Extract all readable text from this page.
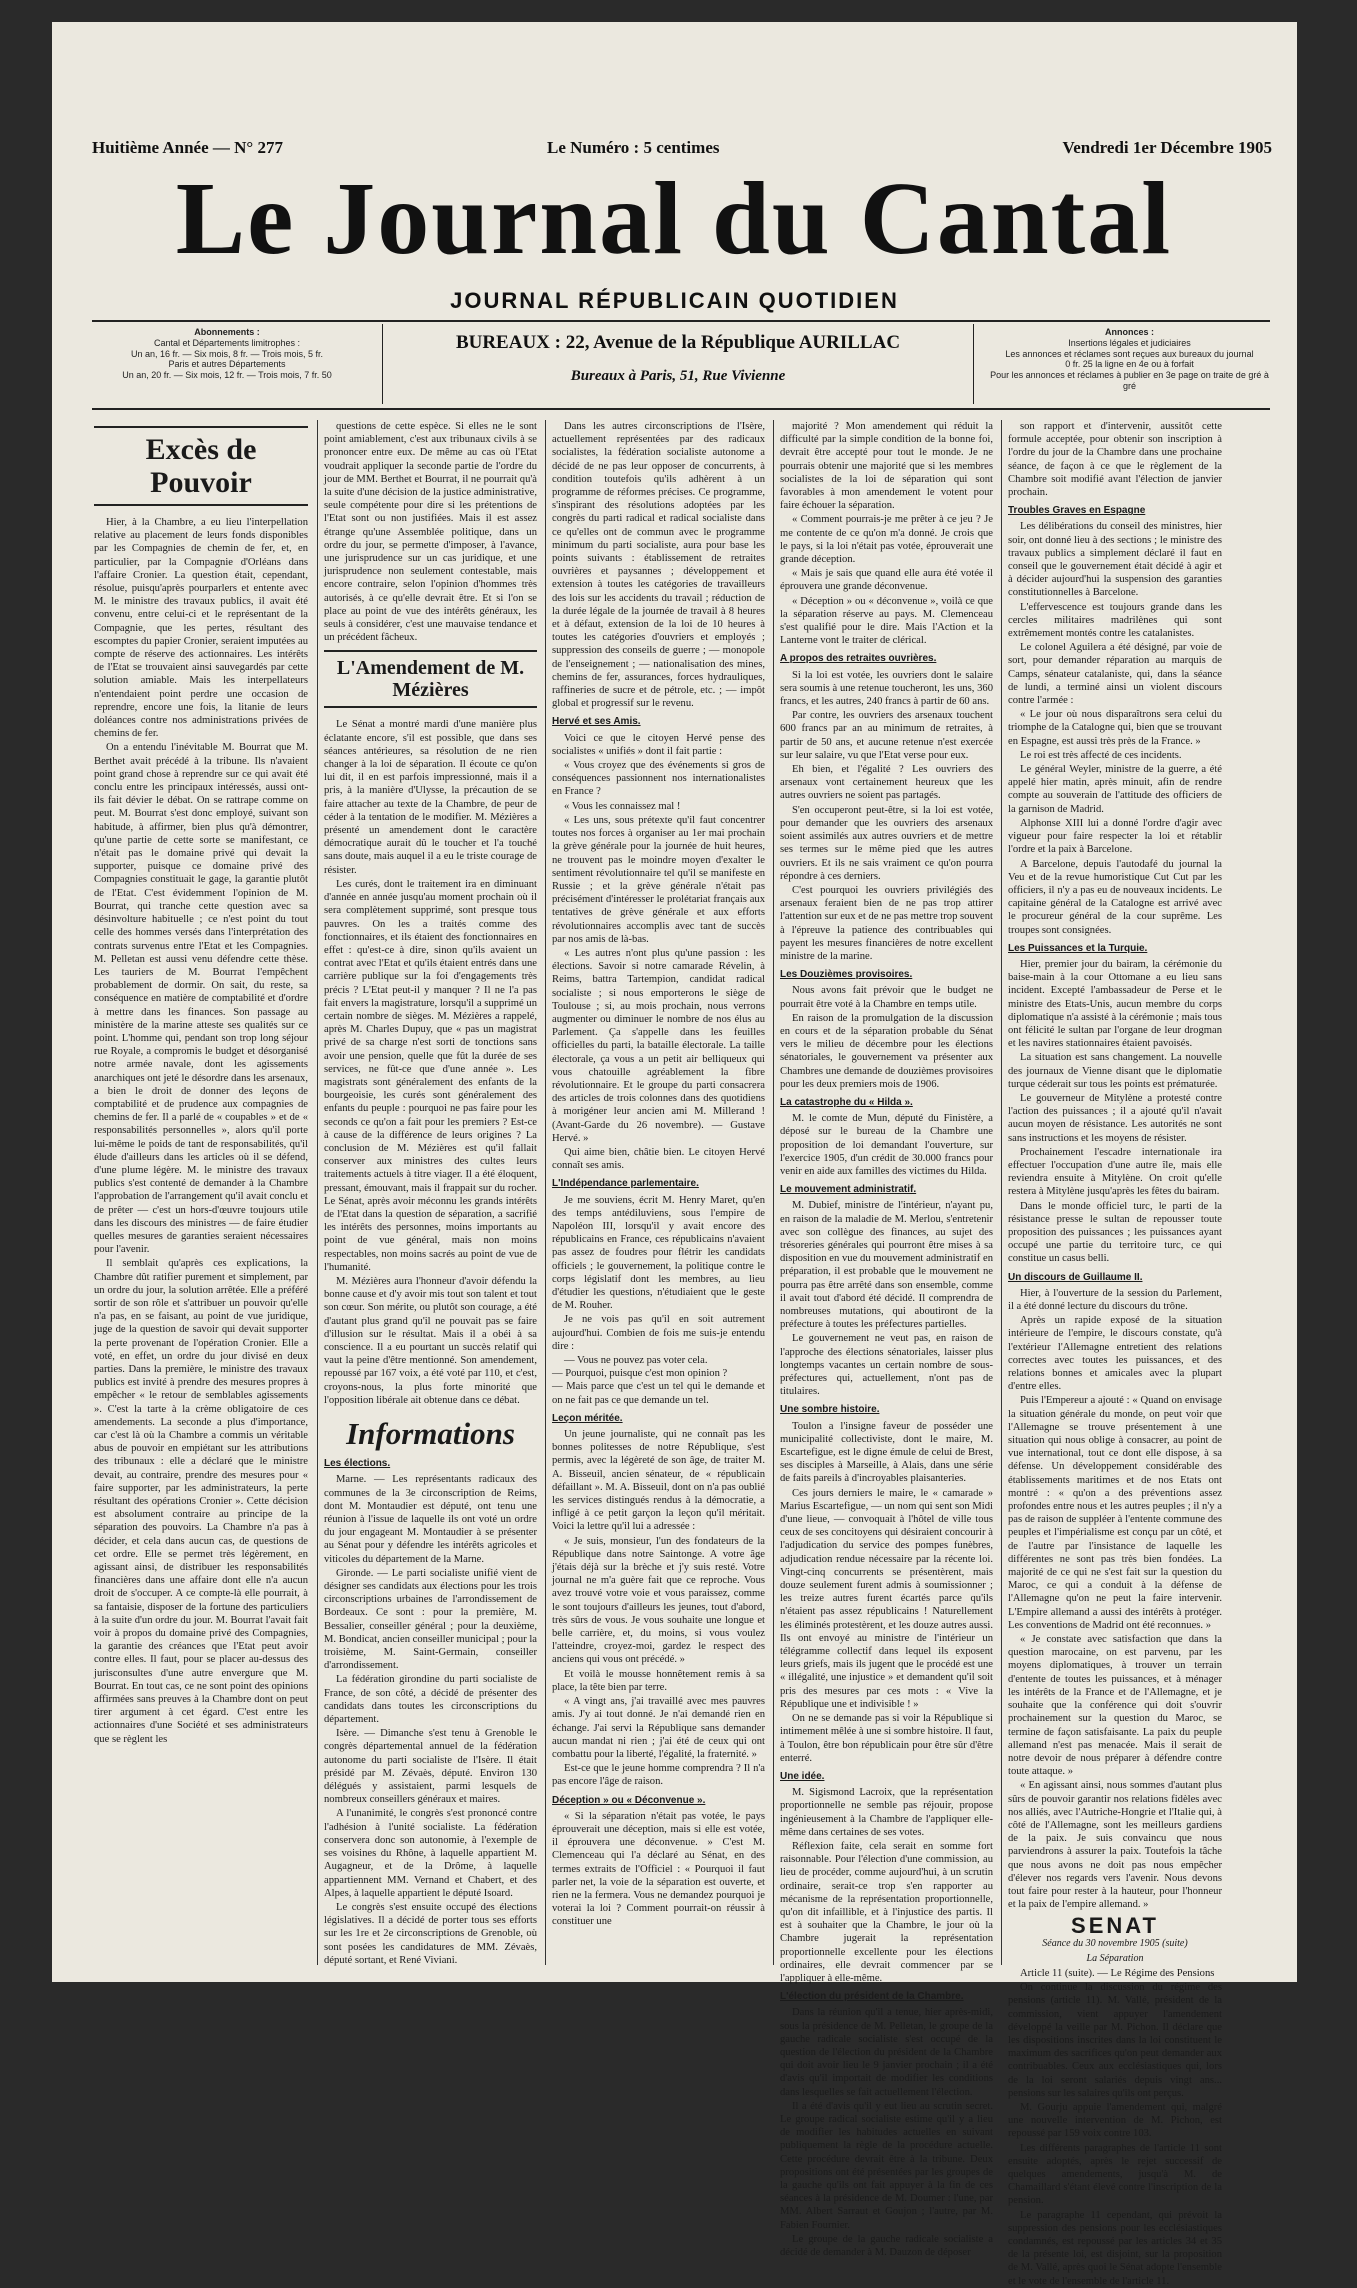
Huitième Année — N° 277	Le Numéro : 5 centimes	Vendredi 1er Décembre 1905
Le Journal du Cantal
JOURNAL RÉPUBLICAIN QUOTIDIEN
Abonnements :
Cantal et Départements limitrophes :
Un an, 16 fr. — Six mois, 8 fr. — Trois mois, 5 fr.
Paris et autres Départements
Un an, 20 fr. — Six mois, 12 fr. — Trois mois, 7 fr. 50
BUREAUX : 22, Avenue de la République AURILLAC
Bureaux à Paris, 51, Rue Vivienne
Annonces :
Insertions légales et judiciaires
Les annonces et réclames sont reçues aux bureaux du journal
0 fr. 25 la ligne en 4e ou à forfait
Pour les annonces et réclames à publier en 3e page on traite de gré à gré
Excès de Pouvoir

Hier, à la Chambre, a eu lieu l'interpellation relative au placement de leurs fonds disponibles par les Compagnies de chemin de fer, et, en particulier, par la Compagnie d'Orléans dans l'affaire Cronier. La question était, cependant, résolue, puisqu'après pourparlers et entente avec M. le ministre des travaux publics, il avait été convenu, entre celui-ci et le représentant de la Compagnie, que les pertes, résultant des escomptes du papier Cronier, seraient imputées au compte de réserve des actionnaires. Les intérêts de l'Etat se trouvaient ainsi sauvegardés par cette solution amiable. Mais les interpellateurs n'entendaient point perdre une occasion de reprendre, encore une fois, la litanie de leurs doléances contre nos administrations privées de chemins de fer.

On a entendu l'inévitable M. Bourrat que M. Berthet avait précédé à la tribune. Ils n'avaient point grand chose à reprendre sur ce qui avait été conclu entre les principaux intéressés, aussi ont-ils fait dévier le débat. On se rattrape comme on peut. M. Bourrat s'est donc employé, suivant son habitude, à affirmer, bien plus qu'à démontrer, qu'une partie de cette sorte se manifestant, ce n'était pas le domaine privé qui devait la supporter, puisque ce domaine privé des Compagnies constituait le gage, la garantie plutôt de l'Etat. C'est évidemment l'opinion de M. Bourrat, qui tranche cette question avec sa désinvolture habituelle ; ce n'est point du tout celle des hommes versés dans l'interprétation des contrats survenus entre l'Etat et les Compagnies. M. Pelletan est aussi venu défendre cette thèse. Les tauriers de M. Bourrat l'empêchent probablement de dormir. On sait, du reste, sa conséquence en matière de comptabilité et d'ordre à mettre dans les finances. Son passage au ministère de la marine atteste ses qualités sur ce point. L'homme qui, pendant son trop long séjour rue Royale, a compromis le budget et désorganisé notre armée navale, dont les agissements anarchiques ont jeté le désordre dans les arsenaux, a bien le droit de donner des leçons de comptabilité et de prudence aux compagnies de chemins de fer. Il a parlé de « coupables » et de « responsabilités personnelles », alors qu'il porte lui-même le poids de tant de responsabilités, qu'il élude d'ailleurs dans les articles où il se défend, d'une plume légère. M. le ministre des travaux publics s'est contenté de demander à la Chambre l'approbation de l'arrangement qu'il avait conclu et de prêter — c'est un hors-d'œuvre toujours utile dans les discours des ministres — de faire étudier quelles mesures de garanties seraient nécessaires pour l'avenir.

Il semblait qu'après ces explications, la Chambre dût ratifier purement et simplement, par un ordre du jour, la solution arrêtée. Elle a préféré sortir de son rôle et s'attribuer un pouvoir qu'elle n'a pas, en se faisant, au point de vue juridique, juge de la question de savoir qui devait supporter la perte provenant de l'opération Cronier. Elle a voté, en effet, un ordre du jour divisé en deux parties. Dans la première, le ministre des travaux publics est invité à prendre des mesures propres à empêcher « le retour de semblables agissements ». C'est la tarte à la crème obligatoire de ces amendements. La seconde a plus d'importance, car c'est là où la Chambre a commis un véritable abus de pouvoir en empiétant sur les attributions des tribunaux : elle a déclaré que le ministre devait, au contraire, prendre des mesures pour « faire supporter, par les administrateurs, la perte résultant des opérations Cronier ». Cette décision est absolument contraire au principe de la séparation des pouvoirs. La Chambre n'a pas à décider, et cela dans aucun cas, de questions de cet ordre. Elle se permet très légèrement, en agissant ainsi, de distribuer les responsabilités financières dans une affaire dont elle n'a aucun droit de s'occuper. A ce compte-là elle pourrait, à sa fantaisie, disposer de la fortune des particuliers à la suite d'un ordre du jour. M. Bourrat l'avait fait voir à propos du domaine privé des Compagnies, la garantie des créances que l'Etat peut avoir contre elles. Il faut, pour se placer au-dessus des jurisconsultes d'une autre envergure que M. Bourrat. En tout cas, ce ne sont point des opinions affirmées sans preuves à la Chambre dont on peut tirer argument à cet égard. C'est entre les actionnaires d'une Société et ses administrateurs que se règlent les

questions de cette espèce. Si elles ne le sont point amiablement, c'est aux tribunaux civils à se prononcer entre eux. De même au cas où l'Etat voudrait appliquer la seconde partie de l'ordre du jour de MM. Berthet et Bourrat, il ne pourrait qu'à la suite d'une décision de la justice administrative, seule compétente pour dire si les prétentions de l'Etat sont ou non justifiées. Mais il est assez étrange qu'une Assemblée politique, dans un ordre du jour, se permette d'imposer, à l'avance, une jurisprudence sur un cas juridique, et une jurisprudence non seulement contestable, mais encore contraire, selon l'opinion d'hommes très autorisés, à ce qu'elle devrait être. Et si l'on se place au point de vue des intérêts généraux, les seuls à considérer, c'est une mauvaise tendance et un précédent fâcheux.

L'Amendement de M. Mézières

Le Sénat a montré mardi d'une manière plus éclatante encore, s'il est possible, que dans ses séances antérieures, sa résolution de ne rien changer à la loi de séparation. Il écoute ce qu'on lui dit, il en est parfois impressionné, mais il a pris, à la manière d'Ulysse, la précaution de se faire attacher au texte de la Chambre, de peur de céder à la tentation de le modifier. M. Mézières a présenté un amendement dont le caractère démocratique aurait dû le toucher et l'a touché sans doute, mais auquel il a eu le triste courage de résister.

Les curés, dont le traitement ira en diminuant d'année en année jusqu'au moment prochain où il sera complètement supprimé, sont presque tous pauvres. On les a traités comme des fonctionnaires, et ils étaient des fonctionnaires en effet : qu'est-ce à dire, sinon qu'ils avaient un contrat avec l'Etat et qu'ils étaient entrés dans une carrière publique sur la foi d'engagements très précis ? L'Etat peut-il y manquer ? Il ne l'a pas fait envers la magistrature, lorsqu'il a supprimé un certain nombre de sièges. M. Mézières a rappelé, après M. Charles Dupuy, que « pas un magistrat privé de sa charge n'est sorti de tonctions sans avoir une pension, quelle que fût la durée de ses services, ne fût-ce que d'une année ». Les magistrats sont généralement des enfants de la bourgeoisie, les curés sont généralement des enfants du peuple : pourquoi ne pas faire pour les seconds ce qu'on a fait pour les premiers ? Est-ce à cause de la différence de leurs origines ? La conclusion de M. Mézières est qu'il fallait conserver aux ministres des cultes leurs traitements actuels à titre viager. Il a été éloquent, pressant, émouvant, mais il frappait sur du rocher. Le Sénat, après avoir méconnu les grands intérêts de l'Etat dans la question de séparation, a sacrifié les intérêts des personnes, moins importants au point de vue général, mais non moins respectables, non moins sacrés au point de vue de l'humanité.

M. Mézières aura l'honneur d'avoir défendu la bonne cause et d'y avoir mis tout son talent et tout son cœur. Son mérite, ou plutôt son courage, a été d'autant plus grand qu'il ne pouvait pas se faire d'illusion sur le résultat. Mais il a obéi à sa conscience. Il a eu pourtant un succès relatif qui vaut la peine d'être mentionné. Son amendement, repoussé par 167 voix, a été voté par 110, et c'est, croyons-nous, la plus forte minorité que l'opposition libérale ait obtenue dans ce débat.

Informations
Les élections.

Marne. — Les représentants radicaux des communes de la 3e circonscription de Reims, dont M. Montaudier est député, ont tenu une réunion à l'issue de laquelle ils ont voté un ordre du jour engageant M. Montaudier à se présenter au Sénat pour y défendre les intérêts agricoles et viticoles du département de la Marne.

Gironde. — Le parti socialiste unifié vient de désigner ses candidats aux élections pour les trois circonscriptions urbaines de l'arrondissement de Bordeaux. Ce sont : pour la première, M. Bessalier, conseiller général ; pour la deuxième, M. Bondicat, ancien conseiller municipal ; pour la troisième, M. Saint-Germain, conseiller d'arrondissement.

La fédération girondine du parti socialiste de France, de son côté, a décidé de présenter des candidats dans toutes les circonscriptions du département.

Isère. — Dimanche s'est tenu à Grenoble le congrès départemental annuel de la fédération autonome du parti socialiste de l'Isère. Il était présidé par M. Zévaès, député. Environ 130 délégués y assistaient, parmi lesquels de nombreux conseillers généraux et maires.

A l'unanimité, le congrès s'est prononcé contre l'adhésion à l'unité socialiste. La fédération conservera donc son autonomie, à l'exemple de ses voisines du Rhône, à laquelle appartient M. Augagneur, et de la Drôme, à laquelle appartiennent MM. Vernand et Chabert, et des Alpes, à laquelle appartient le député Isoard.

Le congrès s'est ensuite occupé des élections législatives. Il a décidé de porter tous ses efforts sur les 1re et 2e circonscriptions de Grenoble, où sont posées les candidatures de MM. Zévaès, député sortant, et René Viviani.

Dans les autres circonscriptions de l'Isère, actuellement représentées par des radicaux socialistes, la fédération socialiste autonome a décidé de ne pas leur opposer de concurrents, à condition toutefois qu'ils adhèrent à un programme de réformes précises. Ce programme, s'inspirant des résolutions adoptées par les congrès du parti radical et radical socialiste dans ce qu'elles ont de commun avec le programme minimum du parti socialiste, aura pour base les points suivants : établissement de retraites ouvrières et paysannes ; développement et extension à toutes les catégories de travailleurs des lois sur les accidents du travail ; réduction de la durée légale de la journée de travail à 8 heures et à défaut, extension de la loi de 10 heures à toutes les catégories d'ouvriers et employés ; suppression des conseils de guerre ; — monopole de l'enseignement ; — nationalisation des mines, chemins de fer, assurances, forces hydrauliques, raffineries de sucre et de pétrole, etc. ; — impôt global et progressif sur le revenu.

Hervé et ses Amis.

Voici ce que le citoyen Hervé pense des socialistes « unifiés » dont il fait partie :

« Vous croyez que des événements si gros de conséquences passionnent nos internationalistes en France ?

« Vous les connaissez mal !

« Les uns, sous prétexte qu'il faut concentrer toutes nos forces à organiser au 1er mai prochain la grève générale pour la journée de huit heures, ne trouvent pas le moindre moyen d'exalter le sentiment révolutionnaire tel qu'il se manifeste en Russie ; et la grève générale n'était pas précisément d'intéresser le prolétariat français aux tentatives de grève générale et aux efforts révolutionnaires accomplis avec tant de succès par nos amis de là-bas.

« Les autres n'ont plus qu'une passion : les élections. Savoir si notre camarade Révelin, à Reims, battra Tartempion, candidat radical socialiste ; si nous emporterons le siège de Toulouse ; si, au mois prochain, nous verrons augmenter ou diminuer le nombre de nos élus au Parlement. Ça s'appelle dans les feuilles officielles du parti, la bataille électorale. La taille électorale, ça vous a un petit air belliqueux qui vous chatouille agréablement la fibre révolutionnaire. Et le groupe du parti consacrera des articles de trois colonnes dans des quotidiens à morigéner leur ancien ami M. Millerand ! (Avant-Garde du 26 novembre). — Gustave Hervé. »

Qui aime bien, châtie bien. Le citoyen Hervé connaît ses amis.

L'Indépendance parlementaire.

Je me souviens, écrit M. Henry Maret, qu'en des temps antédiluviens, sous l'empire de Napoléon III, lorsqu'il y avait encore des républicains en France, ces républicains n'avaient pas assez de foudres pour flétrir les candidats officiels ; le gouvernement, la politique contre le corps législatif dont les membres, au lieu d'étudier les questions, n'étudiaient que le geste de M. Rouher.

Je ne vois pas qu'il en soit autrement aujourd'hui. Combien de fois me suis-je entendu dire :

— Vous ne pouvez pas voter cela.
— Pourquoi, puisque c'est mon opinion ?
— Mais parce que c'est un tel qui le demande et on ne fait pas ce que demande un tel.

Leçon méritée.

Un jeune journaliste, qui ne connaît pas les bonnes politesses de notre République, s'est permis, avec la légèreté de son âge, de traiter M. A. Bisseuil, ancien sénateur, de « républicain défaillant ». M. A. Bisseuil, dont on n'a pas oublié les services distingués rendus à la démocratie, a infligé à ce petit garçon la leçon qu'il méritait. Voici la lettre qu'il lui a adressée :

« Je suis, monsieur, l'un des fondateurs de la République dans notre Saintonge. A votre âge j'étais déjà sur la brèche et j'y suis resté. Votre journal ne m'a guère fait que ce reproche. Vous avez trouvé votre voie et vous paraissez, comme le sont toujours d'ailleurs les jeunes, tout d'abord, très sûrs de vous. Je vous souhaite une longue et belle carrière, et, du moins, si vous voulez l'atteindre, croyez-moi, gardez le respect des anciens qui vous ont précédé. »

Et voilà le mousse honnêtement remis à sa place, la tête bien par terre.

« A vingt ans, j'ai travaillé avec mes pauvres amis. J'y ai tout donné. Je n'ai demandé rien en échange. J'ai servi la République sans demander aucun mandat ni rien ; j'ai été de ceux qui ont combattu pour la liberté, l'égalité, la fraternité. »

Est-ce que le jeune homme comprendra ? Il n'a pas encore l'âge de raison.

Déception » ou « Déconvenue ».

« Si la séparation n'était pas votée, le pays éprouverait une déception, mais si elle est votée, il éprouvera une déconvenue. » C'est M. Clemenceau qui l'a déclaré au Sénat, en des termes extraits de l'Officiel : « Pourquoi il faut parler net, la voie de la séparation est ouverte, et rien ne la fermera. Vous ne demandez pourquoi je voterai la loi ? Comment pourrait-on réussir à constituer une

majorité ? Mon amendement qui réduit la difficulté par la simple condition de la bonne foi, devrait être accepté pour tout le monde. Je ne pourrais obtenir une majorité que si les membres socialistes de la loi de séparation qui sont favorables à mon amendement le votent pour faire échouer la séparation.

« Comment pourrais-je me prêter à ce jeu ? Je me contente de ce qu'on m'a donné. Je crois que le pays, si la loi n'était pas votée, éprouverait une grande déception.

« Mais je sais que quand elle aura été votée il éprouvera une grande déconvenue.

« Déception » ou « déconvenue », voilà ce que la séparation réserve au pays. M. Clemenceau s'est qualifié pour le dire. Mais l'Action et la Lanterne vont le traiter de clérical.

A propos des retraites ouvrières.

Si la loi est votée, les ouvriers dont le salaire sera soumis à une retenue toucheront, les uns, 360 francs, et les autres, 240 francs à partir de 60 ans.

Par contre, les ouvriers des arsenaux touchent 600 francs par an au minimum de retraites, à partir de 50 ans, et aucune retenue n'est exercée sur leur salaire, vu que l'Etat verse pour eux.

Eh bien, et l'égalité ? Les ouvriers des arsenaux vont certainement heureux que les autres ouvriers ne soient pas partagés.

S'en occuperont peut-être, si la loi est votée, pour demander que les ouvriers des arsenaux soient assimilés aux autres ouvriers et de mettre ses termes sur le même pied que les autres ouvriers. Et ils ne sais vraiment ce qu'on pourra répondre à ces derniers.

C'est pourquoi les ouvriers privilégiés des arsenaux feraient bien de ne pas trop attirer l'attention sur eux et de ne pas mettre trop souvent à l'épreuve la patience des contribuables qui payent les mesures financières de notre excellent ministre de la marine.

Les Douzièmes provisoires.

Nous avons fait prévoir que le budget ne pourrait être voté à la Chambre en temps utile.

En raison de la promulgation de la discussion en cours et de la séparation probable du Sénat vers le milieu de décembre pour les élections sénatoriales, le gouvernement va présenter aux Chambres une demande de douzièmes provisoires pour les deux premiers mois de 1906.

La catastrophe du « Hilda ».

M. le comte de Mun, député du Finistère, a déposé sur le bureau de la Chambre une proposition de loi demandant l'ouverture, sur l'exercice 1905, d'un crédit de 30.000 francs pour venir en aide aux familles des victimes du Hilda.

Le mouvement administratif.

M. Dubief, ministre de l'intérieur, n'ayant pu, en raison de la maladie de M. Merlou, s'entretenir avec son collègue des finances, au sujet des trésoreries générales qui pourront être mises à sa disposition en vue du mouvement administratif en préparation, il est probable que le mouvement ne pourra pas être arrêté dans son ensemble, comme il avait tout d'abord été décidé. Il comprendra de nombreuses mutations, qui aboutiront de la préfecture à toutes les préfectures partielles.

Le gouvernement ne veut pas, en raison de l'approche des élections sénatoriales, laisser plus longtemps vacantes un certain nombre de sous-préfectures qui, actuellement, n'ont pas de titulaires.

Une sombre histoire.

Toulon a l'insigne faveur de posséder une municipalité collectiviste, dont le maire, M. Escartefigue, est le digne émule de celui de Brest, ses disciples à Marseille, à Alais, dans une série de faits pareils à d'incroyables plaisanteries.

Ces jours derniers le maire, le « camarade » Marius Escartefigue, — un nom qui sent son Midi d'une lieue, — convoquait à l'hôtel de ville tous ceux de ses concitoyens qui désiraient concourir à l'adjudication du service des pompes funèbres, adjudication rendue nécessaire par la récente loi. Vingt-cinq concurrents se présentèrent, mais douze seulement furent admis à soumissionner ; les treize autres furent écartés parce qu'ils n'étaient pas assez républicains ! Naturellement les éliminés protestèrent, et les douze autres aussi. Ils ont envoyé au ministre de l'intérieur un télégramme collectif dans lequel ils exposent leurs griefs, mais ils jugent que le procédé est une « illégalité, une injustice » et demandent qu'il soit pris des mesures par ces mots : « Vive la République une et indivisible ! »

On ne se demande pas si voir la République si intimement mêlée à une si sombre histoire. Il faut, à Toulon, être bon républicain pour être sûr d'être enterré.

Une idée.

M. Sigismond Lacroix, que la représentation proportionnelle ne semble pas réjouir, propose ingénieusement à la Chambre de l'appliquer elle-même dans certaines de ses votes.

Réflexion faite, cela serait en somme fort raisonnable. Pour l'élection d'une commission, au lieu de procéder, comme aujourd'hui, à un scrutin ordinaire, serait-ce trop s'en rapporter au mécanisme de la représentation proportionnelle, qu'on dit infaillible, et à l'injustice des partis. Il est à souhaiter que la Chambre, le jour où la Chambre jugerait la représentation proportionnelle excellente pour les élections ordinaires, elle devrait commencer par se l'appliquer à elle-même.

L'élection du président de la Chambre.

Dans la réunion qu'il a tenue, hier après-midi, sous la présidence de M. Pelletan, le groupe de la gauche radicale socialiste s'est occupé de la question de l'élection du président de la Chambre qui doit avoir lieu le 9 janvier prochain ; il a été d'avis qu'il importait de modifier les conditions dans lesquelles se fait actuellement l'élection.

Il a été d'avis qu'il y eut lieu au scrutin secret. Le groupe radical socialiste estime qu'il y a lieu de modifier les habitudes actuelles en suivant publiquement la règle de la procédure actuelle. Cette procédure devrait être à la tribune. Deux propositions ont été présentées par les groupes de la gauche qu'ils ont fait appuyer à la fin de ces séances à la présidence de M. Doumer : l'une, par MM. Albert Sarraut et Goujon ; l'autre, par M. Fabien Fournier.

Le groupe de la gauche radicale socialiste a décidé de demander à M. Dauzon de déposer

son rapport et d'intervenir, aussitôt cette formule acceptée, pour obtenir son inscription à l'ordre du jour de la Chambre dans une prochaine séance, de façon à ce que le règlement de la Chambre soit modifié avant l'élection de janvier prochain.

Troubles Graves en Espagne

Les délibérations du conseil des ministres, hier soir, ont donné lieu à des sections ; le ministre des travaux publics a simplement déclaré il faut en conseil que le gouvernement était décidé à agir et à décider aujourd'hui la suspension des garanties constitutionnelles à Barcelone.

L'effervescence est toujours grande dans les cercles militaires madrilènes qui sont extrêmement montés contre les catalanistes.

Le colonel Aguilera a été désigné, par voie de sort, pour demander réparation au marquis de Camps, sénateur catalaniste, qui, dans la séance de lundi, a terminé ainsi un violent discours contre l'armée :

« Le jour où nous disparaîtrons sera celui du triomphe de la Catalogne qui, bien que se trouvant en Espagne, est aussi très près de la France. »

Le roi est très affecté de ces incidents.

Le général Weyler, ministre de la guerre, a été appelé hier matin, après minuit, afin de rendre compte au souverain de l'attitude des officiers de la garnison de Madrid.

Alphonse XIII lui a donné l'ordre d'agir avec vigueur pour faire respecter la loi et rétablir l'ordre et la paix à Barcelone.

A Barcelone, depuis l'autodafé du journal la Veu et de la revue humoristique Cut Cut par les officiers, il n'y a pas eu de nouveaux incidents. Le capitaine général de la Catalogne est arrivé avec le procureur général de la cour suprême. Les troupes sont consignées.

Les Puissances et la Turquie.

Hier, premier jour du bairam, la cérémonie du baise-main à la cour Ottomane a eu lieu sans incident. Excepté l'ambassadeur de Perse et le ministre des Etats-Unis, aucun membre du corps diplomatique n'a assisté à la cérémonie ; mais tous ont félicité le sultan par l'organe de leur drogman et les navires stationnaires étaient pavoisés.

La situation est sans changement. La nouvelle des journaux de Vienne disant que le diplomatie turque céderait sur tous les points est prématurée.

Le gouverneur de Mitylène a protesté contre l'action des puissances ; il a ajouté qu'il n'avait aucun moyen de résistance. Les autorités ne sont sans instructions et les moyens de résister.

Prochainement l'escadre internationale ira effectuer l'occupation d'une autre île, mais elle reviendra ensuite à Mitylène. On croit qu'elle restera à Mitylène jusqu'après les fêtes du bairam.

Dans le monde officiel turc, le parti de la résistance presse le sultan de repousser toute proposition des puissances ; les puissances ayant occupé une partie du territoire turc, ce qui constitue un casus belli.

Un discours de Guillaume II.

Hier, à l'ouverture de la session du Parlement, il a été donné lecture du discours du trône.

Après un rapide exposé de la situation intérieure de l'empire, le discours constate, qu'à l'extérieur l'Allemagne entretient des relations correctes avec toutes les puissances, et des relations bonnes et amicales avec la plupart d'entre elles.

Puis l'Empereur a ajouté : « Quand on envisage la situation générale du monde, on peut voir que l'Allemagne se trouve présentement à une situation qui nous oblige à consacrer, au point de vue international, tout ce dont elle dispose, à sa défense. Un développement considérable des établissements maritimes et de nos Etats ont montré : « qu'on a des préventions assez profondes entre nous et les autres peuples ; il n'y a pas de raison de suppléer à l'entente commune des peuples et l'impérialisme est conçu par un côté, et de l'autre par l'insistance de laquelle les différentes ne sont pas très bien fondées. La majorité de ce qui ne s'est fait sur la question du Maroc, ce qui a conduit à la défense de l'Allemagne qu'on ne peut la faire intervenir. L'Empire allemand a aussi des intérêts à protéger. Les conventions de Madrid ont été reconnues. »

« Je constate avec satisfaction que dans la question marocaine, on est parvenu, par les moyens diplomatiques, à trouver un terrain d'entente de toutes les puissances, et à ménager les intérêts de la France et de l'Allemagne, et je souhaite que la conférence qui doit s'ouvrir prochainement sur la question du Maroc, se termine de façon satisfaisante. La paix du peuple allemand n'est pas menacée. Mais il serait de notre devoir de nous préparer à défendre contre toute attaque. »

« En agissant ainsi, nous sommes d'autant plus sûrs de pouvoir garantir nos relations fidèles avec nos alliés, avec l'Autriche-Hongrie et l'Italie qui, à côté de l'Allemagne, sont les meilleurs gardiens de la paix. Je suis convaincu que nous parviendrons à assurer la paix. Toutefois la tâche que nous avons ne doit pas nous empêcher d'élever nos regards vers l'avenir. Nous devons tout faire pour rester à la hauteur, pour l'honneur et la paix de l'empire allemand. »

SENAT
Séance du 30 novembre 1905 (suite)
La Séparation

Article 11 (suite). — Le Régime des Pensions

On continue la discussion du régime des pensions (article 11). M. Vallé, président de la commission, vient appuyer l'amendement développé la veille par M. Pichon. Il déclare que les dispositions inscrites dans la loi constituent le maximum des sacrifices qu'on peut demander aux contribuables. Ceux aux ecclésiastiques qui, lors de la loi seront salariés depuis vingt ans... pensions sur les salaires qu'ils ont perçus.

M. Gourju appuie l'amendement qui, malgré une nouvelle intervention de M. Pichon, est repoussé par 159 voix contre 103.

Les différents paragraphes de l'article 11 sont ensuite adoptés, après le rejet successif de quelques amendements, jusqu'à M. de Chamaillard s'étant élevé contre l'inscription de la pension.

Le paragraphe 11 cependant, qui prévoit la suppression des pensions pour les ecclésiastiques condamnés, est repoussé par les articles 34 et 35 de la présente loi, est disjoint, sur la proposition de M. Vallé, après quoi le Sénat adopte l'ensemble et le vote de l'ensemble de l'article 11.
